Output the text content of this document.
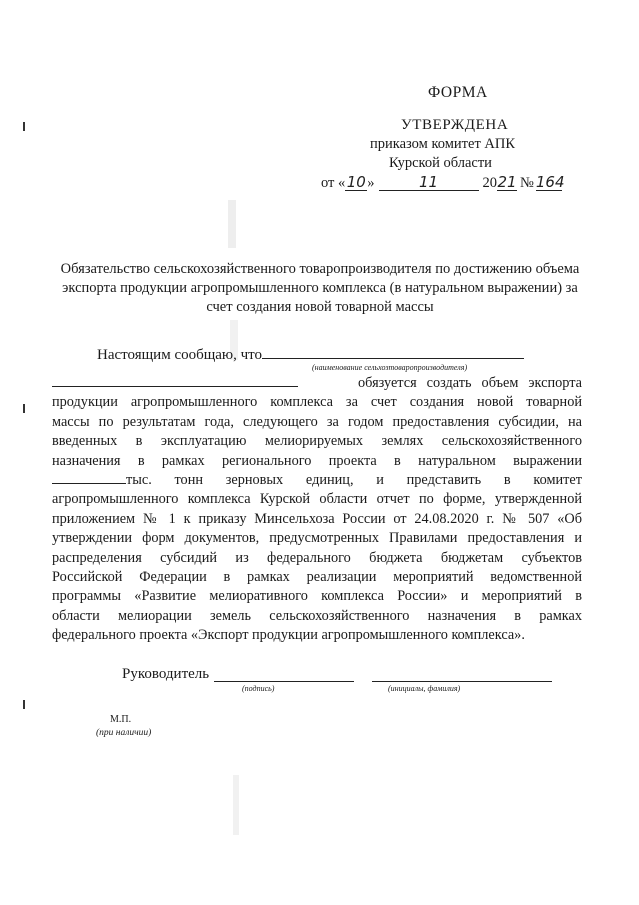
ФОРМА
УТВЕРЖДЕНА
приказом комитет АПК
Курской области
от «10»	11	2021 № 164
Обязательство сельскохозяйственного товаропроизводителя по достижению объема экспорта продукции агропромышленного комплекса (в натуральном выражении) за счет создания новой товарной массы
Настоящим сообщаю, что
(наименование сельхозтоваропроизводителя)
обязуется создать объем экспорта
продукции агропромышленного комплекса за счет создания новой товарной
массы по результатам года, следующего за годом предоставления субсидии, на
введенных в эксплуатацию мелиорируемых землях сельскохозяйственного
назначения в рамках регионального проекта в натуральном выражении
тыс. тонн зерновых единиц, и представить в комитет
агропромышленного комплекса Курской области отчет по форме, утвержденной
приложением № 1 к приказу Минсельхоза России от 24.08.2020 г. № 507 «Об
утверждении форм документов, предусмотренных Правилами предоставления и
распределения субсидий из федерального бюджета бюджетам субъектов
Российской Федерации в рамках реализации мероприятий ведомственной
программы «Развитие мелиоративного комплекса России» и мероприятий в
области мелиорации земель сельскохозяйственного назначения в рамках
федерального проекта «Экспорт продукции агропромышленного комплекса».
Руководитель
(подпись)	(инициалы, фамилия)
М.П.
(при наличии)
